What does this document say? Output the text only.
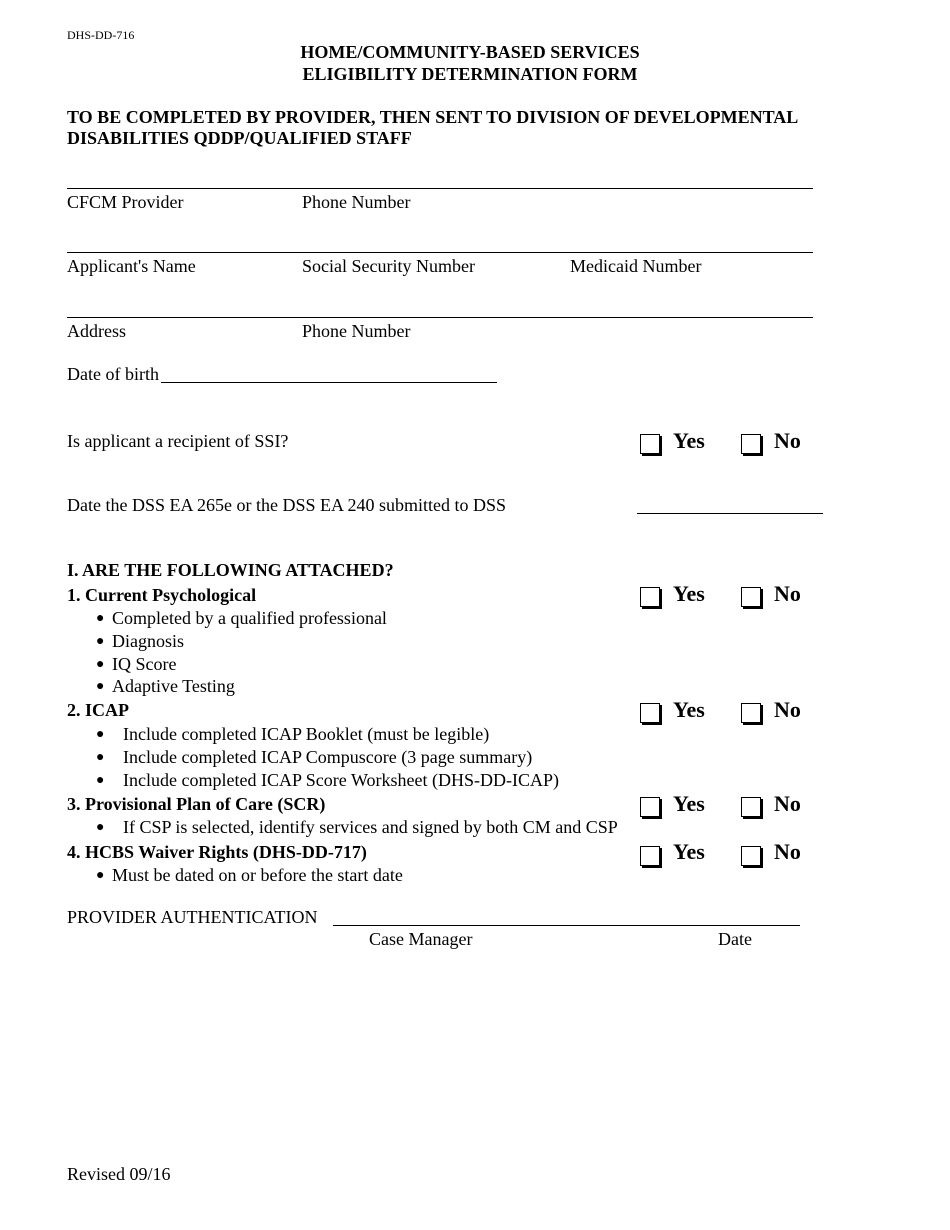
DHS-DD-716
HOME/COMMUNITY-BASED SERVICES
ELIGIBILITY DETERMINATION FORM
TO BE COMPLETED BY PROVIDER, THEN SENT TO DIVISION OF DEVELOPMENTAL
DISABILITIES QDDP/QUALIFIED STAFF
CFCM Provider	Phone Number
Applicant's Name	Social Security Number	Medicaid Number
Address	Phone Number
Date of birth
Is applicant a recipient of SSI?	Yes	No
Date the DSS EA 265e or the DSS EA 240 submitted to DSS
I. ARE THE FOLLOWING ATTACHED?
1. Current Psychological	Yes	No
● Completed by a qualified professional
● Diagnosis
● IQ Score
● Adaptive Testing
2. ICAP	Yes	No
● Include completed ICAP Booklet (must be legible)
● Include completed ICAP Compuscore (3 page summary)
● Include completed ICAP Score Worksheet (DHS-DD-ICAP)
3. Provisional Plan of Care (SCR)	Yes	No
● If CSP is selected, identify services and signed by both CM and CSP
4. HCBS Waiver Rights (DHS-DD-717)	Yes	No
● Must be dated on or before the start date
PROVIDER AUTHENTICATION
Case Manager	Date
Revised 09/16
